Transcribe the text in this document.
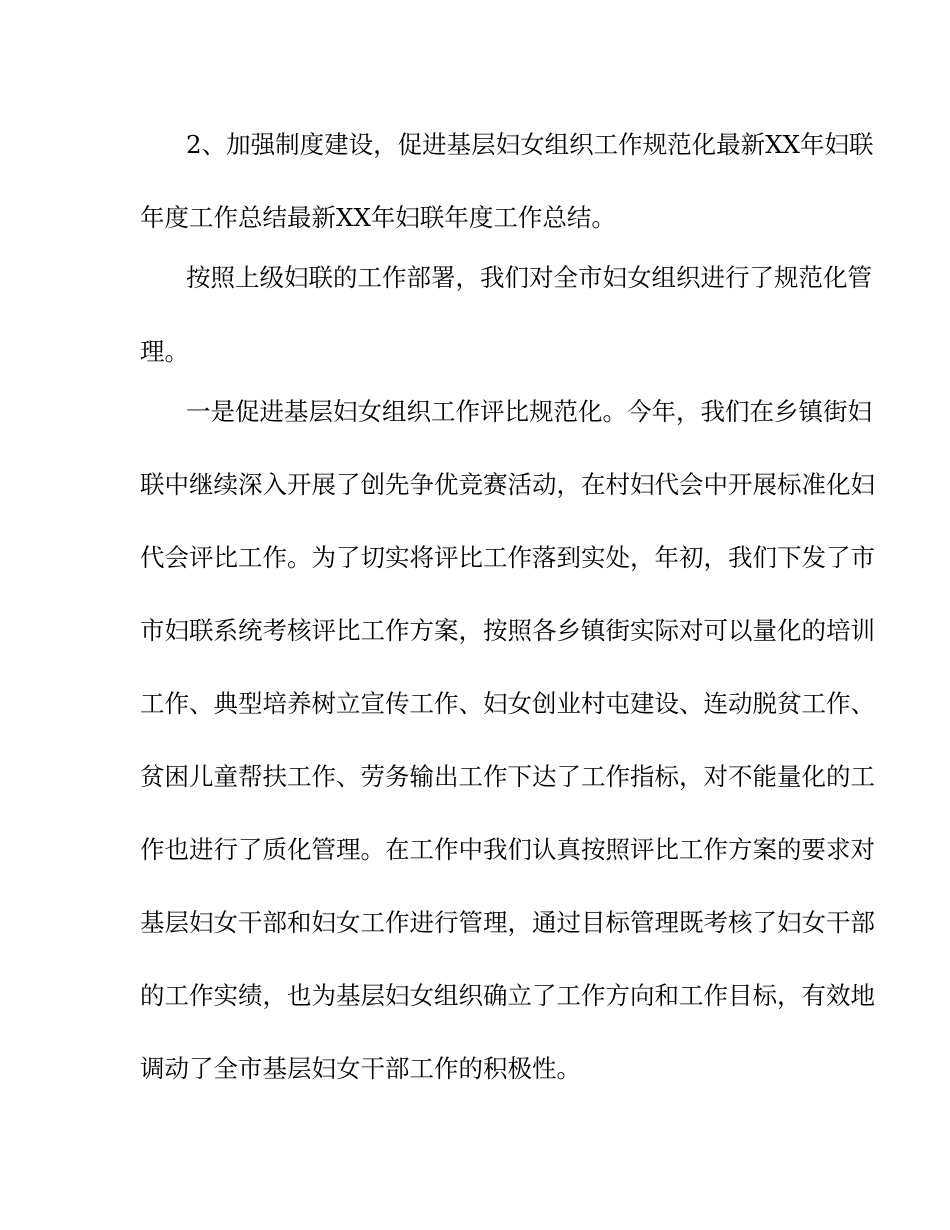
2、加强制度建设，促进基层妇女组织工作规范化最新XX年妇联
年度工作总结最新XX年妇联年度工作总结。
按照上级妇联的工作部署，我们对全市妇女组织进行了规范化管
理。
一是促进基层妇女组织工作评比规范化。今年，我们在乡镇街妇
联中继续深入开展了创先争优竞赛活动，在村妇代会中开展标准化妇
代会评比工作。为了切实将评比工作落到实处，年初，我们下发了市
市妇联系统考核评比工作方案，按照各乡镇街实际对可以量化的培训
工作、典型培养树立宣传工作、妇女创业村屯建设、连动脱贫工作、
贫困儿童帮扶工作、劳务输出工作下达了工作指标，对不能量化的工
作也进行了质化管理。在工作中我们认真按照评比工作方案的要求对
基层妇女干部和妇女工作进行管理，通过目标管理既考核了妇女干部
的工作实绩，也为基层妇女组织确立了工作方向和工作目标，有效地
调动了全市基层妇女干部工作的积极性。
